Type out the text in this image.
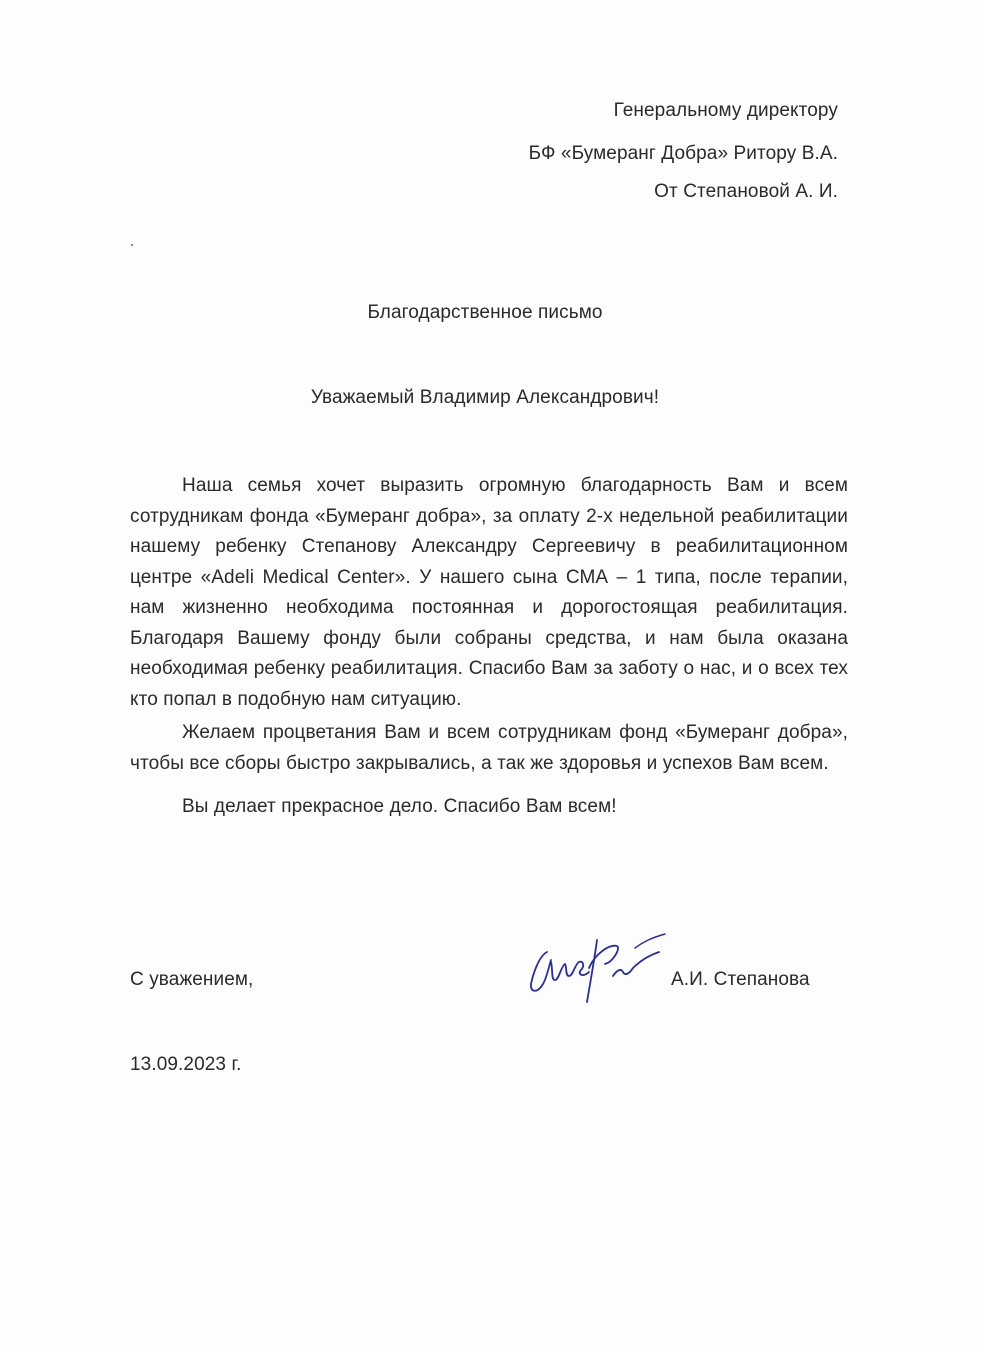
Генеральному директору
БФ «Бумеранг Добра» Ритору В.А.
От Степановой А. И.
Благодарственное письмо
Уважаемый Владимир Александрович!
Наша семья хочет выразить огромную благодарность Вам и всем сотрудникам фонда «Бумеранг добра», за оплату 2-х недельной реабилитации нашему ребенку Степанову Александру Сергеевичу в реабилитационном центре «Adeli Medical Center». У нашего сына СМА – 1 типа, после терапии, нам жизненно необходима постоянная и дорогостоящая реабилитация. Благодаря Вашему фонду были собраны средства, и нам была оказана необходимая ребенку реабилитация. Спасибо Вам за заботу о нас, и о всех тех кто попал в подобную нам ситуацию.
Желаем процветания Вам и всем сотрудникам фонд «Бумеранг добра», чтобы все сборы быстро закрывались, а так же здоровья и успехов Вам всем.
Вы делает прекрасное дело. Спасибо Вам всем!
С уважением,	А.И. Степанова
13.09.2023 г.
